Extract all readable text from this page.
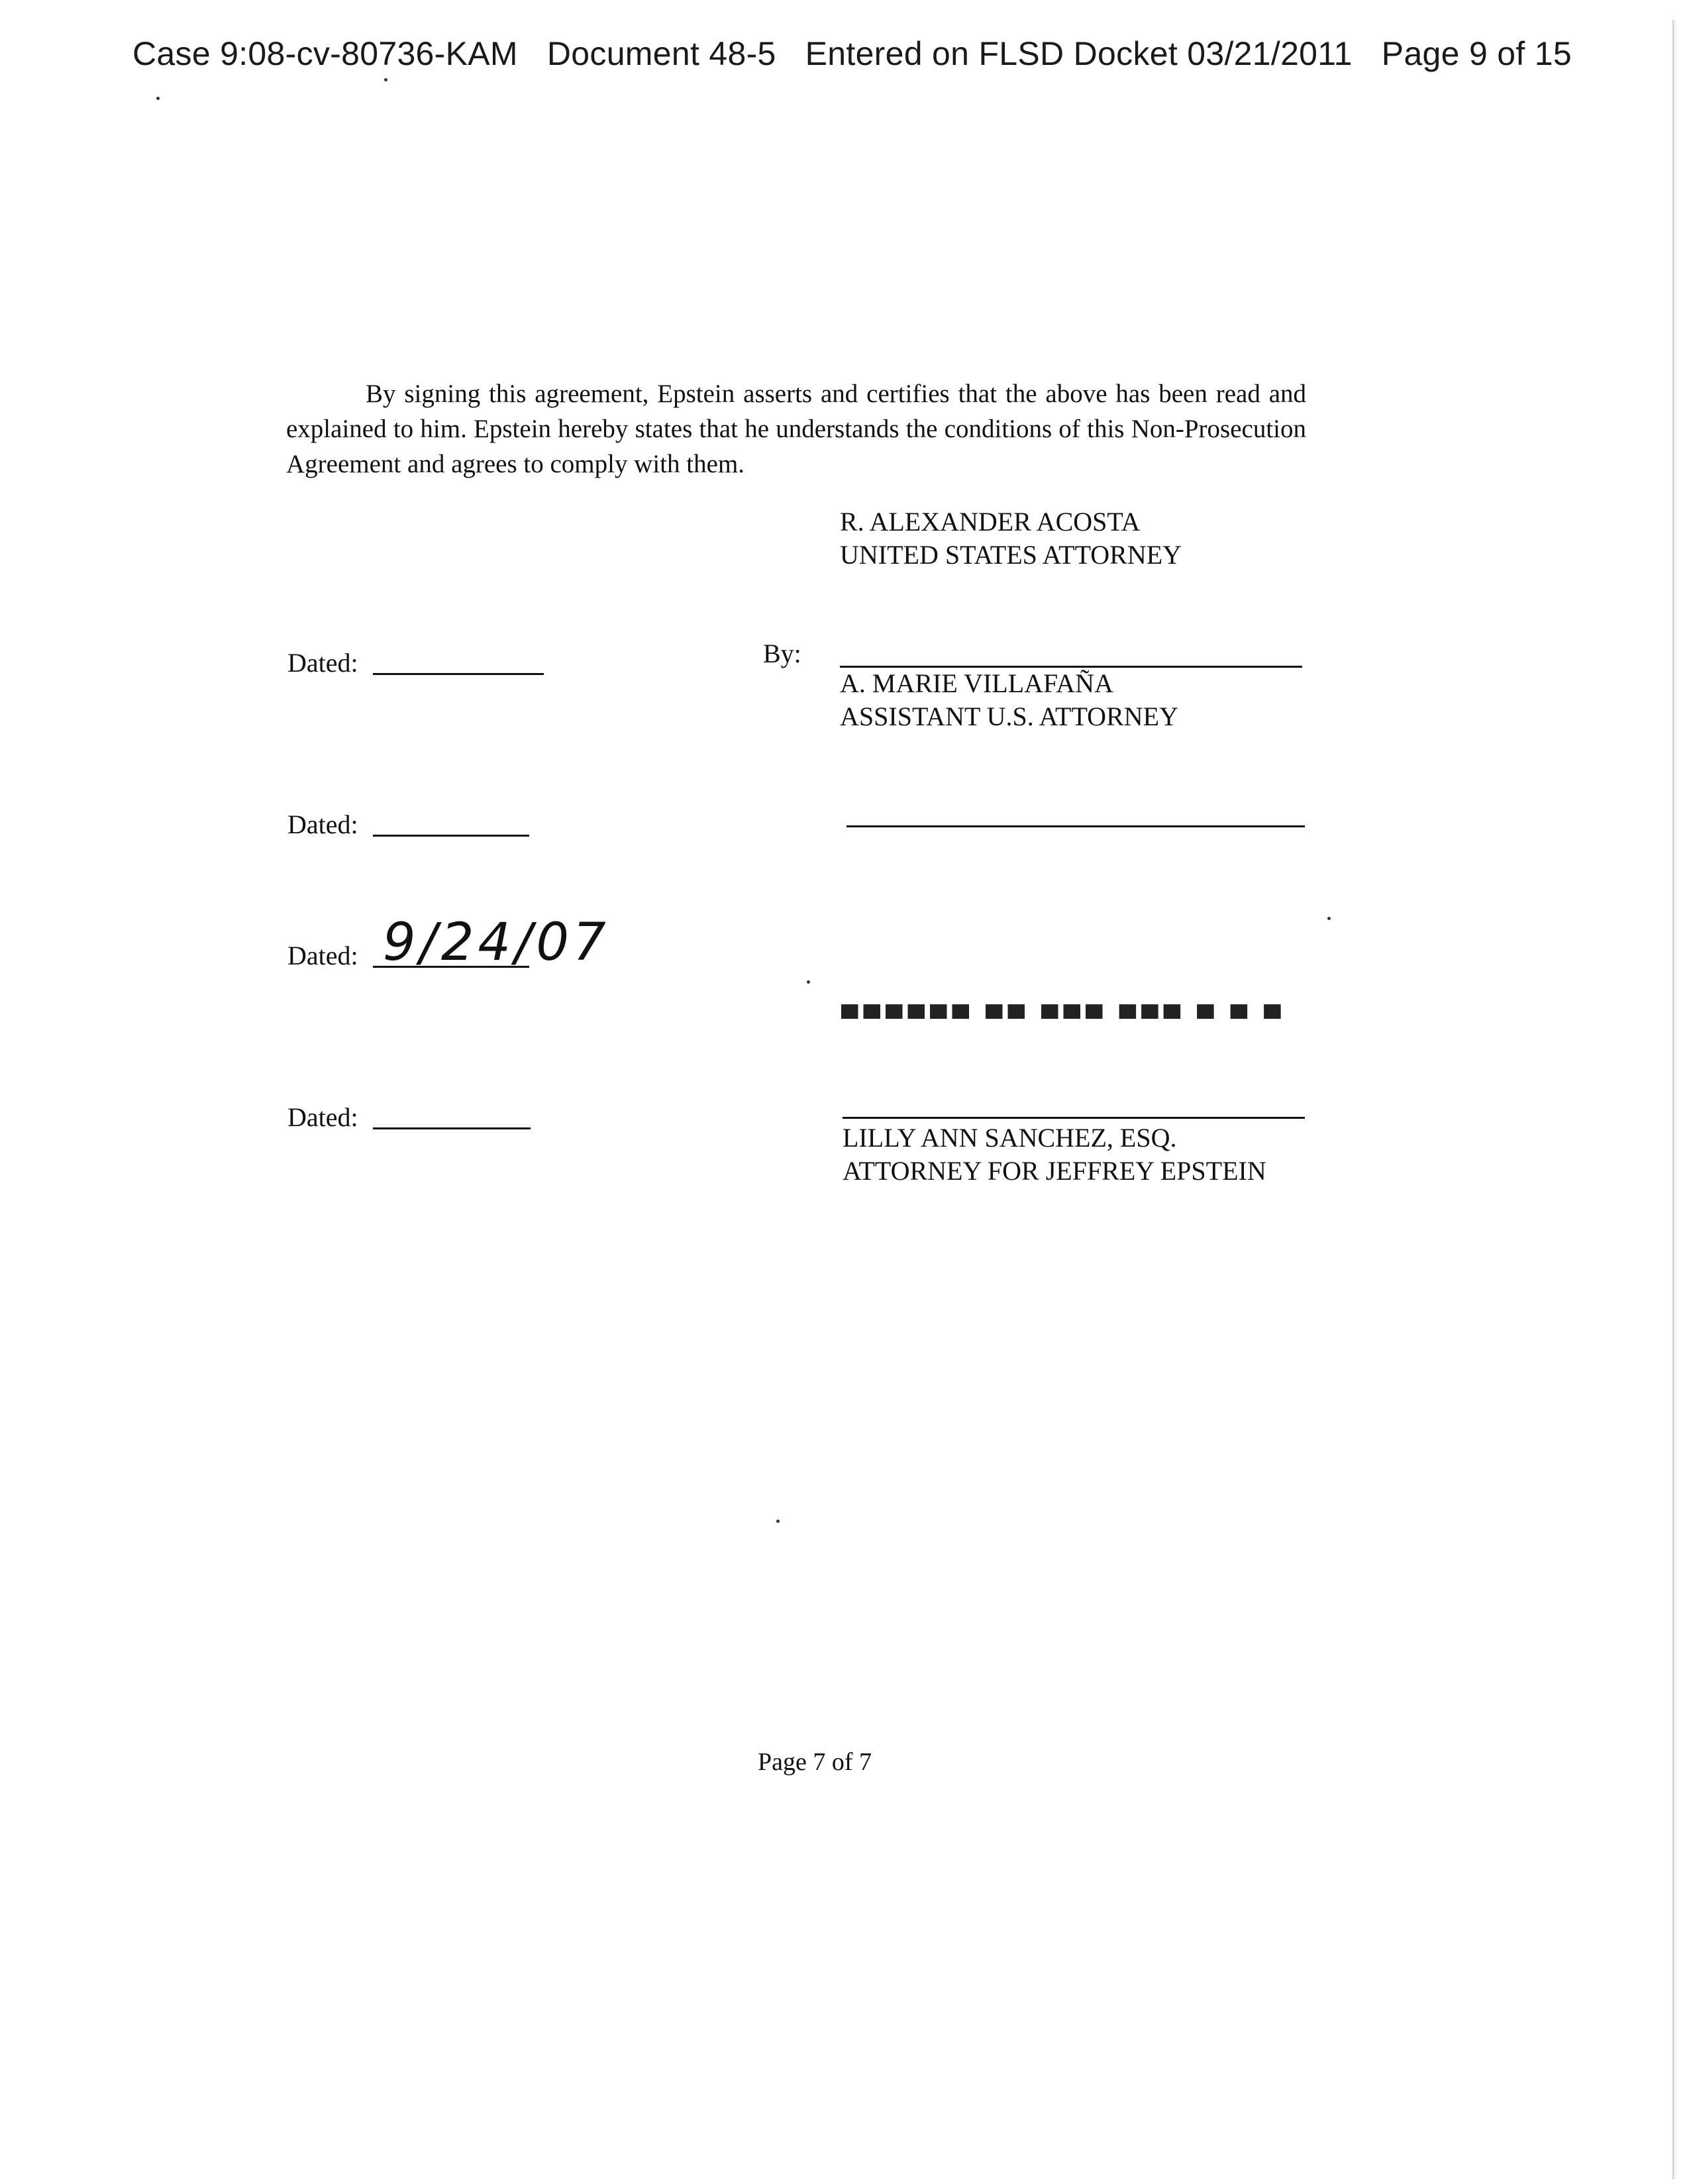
Case 9:08-cv-80736-KAM Document 48-5 Entered on FLSD Docket 03/21/2011 Page 9 of 15

By signing this agreement, Epstein asserts and certifies that the above has been read and explained to him. Epstein hereby states that he understands the conditions of this Non-Prosecution Agreement and agrees to comply with them.

R. ALEXANDER ACOSTA
UNITED STATES ATTORNEY
Dated:	By:
A. MARIE VILLAFAÑA
ASSISTANT U.S. ATTORNEY
Dated:
Dated: 9/24/07
▀▀▀▀▀▀ ▀▀ ▀▀▀ ▀▀▀ ▀ ▀ ▀
Dated:
LILLY ANN SANCHEZ, ESQ.
ATTORNEY FOR JEFFREY EPSTEIN
Page 7 of 7
